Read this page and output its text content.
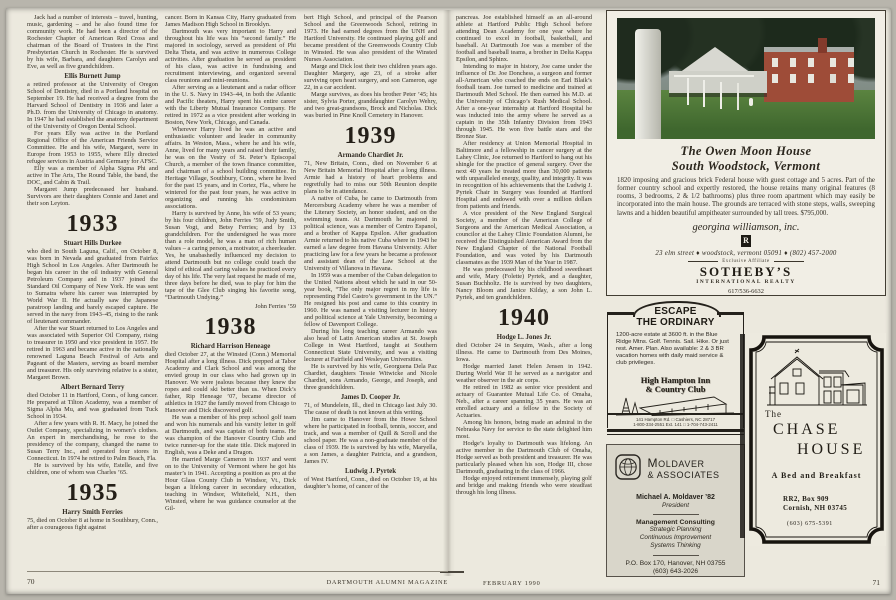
Jack had a number of interests – travel, hunting, music, gardening – and he also found time for community work. He had been a director of the Rochester Chapter of American Red Cross and chairman of the Board of Trustees in the First Presbyterian Church in Rochester. He is survived by his wife, Barbara, and daughters Carolyn and Eve, as well as five grandchildren.
Ellis Burnett Jump
a retired professor at the University of Oregon School of Dentistry, died in a Portland hospital on September 19. He had received a degree from the Harvard School of Dentistry in 1936 and later a Ph.D. from the University of Chicago in anatomy. In 1947 he had established the anatomy department of the University of Oregon Dental School.
For years Elly was active in the Portland Regional Office of the American Friends Service Committee. He and his wife, Margaret, were in Europe from 1953 to 1955, where Elly directed refugee services in Austria and Germany for AFSC.
Elly was a member of Alpha Sigma Phi and active in The Arts, The Round Table, the band, the DOC, and Cabin & Trail.
Margaret Jump predeceased her husband. Survivors are their daughters Connie and Janet and their son Leyton.
1933
Stuart Hills Durkee
who died in South Laguna, Calif., on October 8, was born in Nevada and graduated from Fairfax High School in Los Angeles. After Dartmouth he began his career in the oil industry with General Petroleum Company and in 1937 joined the Standard Oil Company of New York. He was sent to Sumatra where his career was interrupted by World War II. He actually saw the Japanese paratroop landing and barely escaped capture. He served in the navy from 1943–45, rising to the rank of lieutenant commander.
After the war Stuart returned to Los Angeles and was associated with Superior Oil Company, rising to treasurer in 1950 and vice president in 1957. He retired in 1963 and became active in the nationally renowned Laguna Beach Festival of Arts and Pageant of the Masters, serving as board member and treasurer. His only surviving relative is a sister, Margaret Brown.
Albert Bernard Terry
died October 11 in Hartford, Conn., of lung cancer. He prepared at Tilton Academy, was a member of Sigma Alpha Mu, and was graduated from Tuck School in 1934.
After a few years with R. H. Macy, he joined the Outlet Company, specializing in women’s clothes. An expert in merchandising, he rose to the presidency of the company, changed the name to Susan Terry Inc., and operated four stores in Connecticut. In 1974 he retired to Palm Beach, Fla.
He is survived by his wife, Estelle, and five children, one of whom was Charles ’65.
1935
Harry Smith Ferries
75, died on October 8 at home in Southbury, Conn., after a courageous fight against
cancer. Born in Kansas City, Harry graduated from James Madison High School in Brooklyn.
Dartmouth was very important to Harry and throughout his life was his “second family.” He majored in sociology, served as president of Phi Delta Theta, and was active in numerous College activities. After graduation he served as president of his class, was active in fundraising and recruitment interviewing, and organized several class reunions and mini-reunions.
After serving as a lieutenant and a radar officer in the U. S. Navy in 1943–44, in both the Atlantic and Pacific theaters, Harry spent his entire career with the Liberty Mutual Insurance Company. He retired in 1972 as a vice president after working in Boston, New York, Chicago, and Canada.
Wherever Harry lived he was an active and enthusiastic volunteer and leader in community affairs. In Weston, Mass., where he and his wife, Anne, lived for many years and raised their family, he was on the Vestry of St. Peter’s Episcopal Church, a member of the town finance committee, and chairman of a school building committee. In Heritage Village, Southbury, Conn., where he lived for the past 15 years, and in Cortez, Fla., where he wintered for the past four years, he was active in organizing and running his condominium associations.
Harry is survived by Anne, his wife of 53 years; by his four children, John Ferries ’59, Judy Smith, Susan Vogt, and Betsy Ferries; and by 13 grandchildren. For the undersigned he was more than a role model, he was a man of rich human values – a caring person, a motivator, a cheerleader. Yes, he unabashedly influenced my decision to attend Dartmouth but no college could teach the kind of ethical and caring values he practiced every day of his life. The very last request he made of me, three days before he died, was to play for him the tape of the Glee Club singing his favorite song, “Dartmouth Undying.”
John Ferries ’59
1938
Richard Harrison Heneage
died October 27, at the Winsted (Conn.) Memorial Hospital after a long illness. Dick prepped at Tabor Academy and Clark School and was among the envied group in our class who had grown up in Hanover. We were jealous because they knew the ropes and could ski better than us. When Dick’s father, Rip Heneage ’07, became director of athletics in 1927 the family moved from Chicago to Hanover and Dick discovered golf.
He was a member of his prep school golf team and won his numerals and his varsity letter in golf at Dartmouth, and was captain of both teams. He was champion of the Hanover Country Club and twice runner-up for the state title. Dick majored in English, was a Deke and a Dragon.
He married Marge Cameron in 1937 and went on to the University of Vermont where he got his master’s in 1941. Accepting a position as pro at the Hour Glass County Club in Windsor, Vt., Dick began a lifelong career in secondary education, teaching in Windsor, Whitefield, N.H., then Winsted, where he was guidance counselor at the Gil-
bert High School, and principal of the Pearson School and the Greenwoods School, retiring in 1973. He had earned degrees from the UNH and Hartford University. He continued playing golf and became president of the Greenwoods Country Club in Winsted. He was also president of the Winsted Nurses Association.
Marge and Dick lost their two children years ago. Daughter Margery, age 23, of a stroke after surviving open heart surgery, and son Cameron, age 22, in a car accident.
Marge survives, as does his brother Peter ’45; his sister, Sylvia Porter, granddaughter Carolyn Wehry, and two great-grandsons, Brock and Nicholas. Dick was buried in Pine Knoll Cemetery in Hanover.
1939
Armando Chardiet Jr.
71, New Britain, Conn., died on November 6 at New Britain Memorial Hospital after a long illness. Armie had a history of heart problems and regretfully had to miss our 50th Reunion despite plans to be in attendance.
A native of Cuba, he came to Dartmouth from Mercersburg Academy where he was a member of the Literary Society, an honor student, and on the swimming team. At Dartmouth he majored in political science, was a member of Centro Espanol, and a brother of Kappa Epsilon. After graduation Armie returned to his native Cuba where in 1943 he earned a law degree from Havana University. After practicing law for a few years he became a professor and assistant dean of the Law School at the University of Villanova in Havana.
In 1959 was a member of the Cuban delegation to the United Nations about which he said in our 50-year book, “The only major regret in my life is representing Fidel Castro’s government in the UN.” He resigned his post and came to this country in 1960. He was named a visiting lecturer in history and political science at Yale University, becoming a fellow of Davenport College.
During his long teaching career Armando was also head of Latin American studies at St. Joseph College in West Hartford, taught at Southern Connecticut State University, and was a visiting lecturer at Fairfield and Wesleyan Universities.
He is survived by his wife, Georguena Dela Paz Chardiet, daughters Tessie Witwicke and Nicole Chardiet, sons Armando, George, and Joseph, and three grandchildren.
James D. Cooper Jr.
71, of Mundelein, Ill., died in Chicago last July 30. The cause of death is not known at this writing.
Jim came to Hanover from the Howe School where he participated in football, tennis, soccer, and track, and was a member of Quill & Scroll and the school paper. He was a non-graduate member of the class of 1939. He is survived by his wife, Maryella, a son James, a daughter Patricia, and a grandson, James IV.
Ludwig J. Pyrtek
of West Hartford, Conn., died on October 19, at his daughter’s home, of cancer of the
pancreas. Joe established himself as an all-around athlete at Hartford Public High School before attending Dean Academy for one year where he continued to excel in football, basketball, and baseball. At Dartmouth Joe was a member of the football and baseball teams, a brother in Delta Kappa Epsilon, and Sphinx.
Intending to major in history, Joe came under the influence of Dr. Joe Donchess, a surgeon and former all-American who coached the ends on Earl Blaik’s football team. Joe turned to medicine and trained at Dartmouth Med School. He then earned his M.D. at the University of Chicago’s Rush Medical School. After a one-year internship at Hartford Hospital he was inducted into the army where he served as a captain in the 35th Infantry Division from 1943 through 1945. He won five battle stars and the Bronze Star.
After residency at Union Memorial Hospital in Baltimore and a fellowship in cancer surgery at the Lahey Clinic, Joe returned to Hartford to hang out his shingle for the practice of general surgery. Over the next 40 years he treated more than 30,000 patients with unparalleled energy, quality, and integrity. It was in recognition of his achievements that the Ludwig J. Pyrtek Chair in Surgery was founded at Hartford Hospital and endowed with over a million dollars from patients and friends.
A vice president of the New England Surgical Society, a member of the American College of Surgeons and the American Medical Association, a councilor at the Lahey Clinic Foundation Alumni, he received the Distinguished American Award from the New England Chapter of the National Football Foundation, and was voted by his Dartmouth classmates as the 1939 Man of the Year in 1987.
He was predeceased by his childhood sweetheart and wife, Mary (Folette) Pyrtek, and a daughter, Susan Buchholtz. He is survived by two daughters, Nancy Bloom and Janice Kilday, a son John L. Pyrtek, and ten grandchildren.
1940
Hodge L. Jones Jr.
died October 24 in Sequim, Wash., after a long illness. He came to Dartmouth from Des Moines, Iowa.
Hodge married Janet Helen Jensen in 1942. During World War II he served as a navigator and weather observer in the air corps.
He retired in 1982 as senior vice president and actuary of Guarantee Mutual Life Co. of Omaha, Neb., after a career spanning 35 years. He was an enrolled actuary and a fellow in the Society of Actuaries.
Among his honors, being made an admiral in the Nebraska Navy for service to the state delighted him most.
Hodge’s loyalty to Dartmouth was lifelong. An active member in the Dartmouth Club of Omaha, Hodge served as both president and treasurer. He was particularly pleased when his son, Hodge III, chose Dartmouth, graduating in the class of 1966.
Hodge enjoyed retirement immensely, playing golf and bridge and making friends who were steadfast through his long illness.
70	DARTMOUTH ALUMNI MAGAZINE	FEBRUARY 1990	71
The Owen Moon House
South Woodstock, Vermont
1820 imposing and gracious brick Federal house with guest cottage and 5 acres. Part of the former country school and expertly restored, the house retains many original features (8 rooms, 3 bedrooms, 2 & 1/2 bathrooms) plus three room apartment which may easily be incorporated into the main house. The grounds are terraced with stone steps, walls, sweeping lawns and a hidden beautiful ampitheater surrounded by tall trees. $795,000.
georgina williamson, inc.
R
23 elm street ♦ woodstock, vermont 05091 ♦ (802) 457-2000
Exclusive Affiliate
SOTHEBY’S
INTERNATIONAL REALTY
617/536-6632
ESCAPE
THE ORDINARY
1200-acre estate at 3600 ft. in the Blue Ridge Mtns. Golf. Tennis. Sail. Hike. Or just rest. Amer. Plan. Also available: 2 & 3 BR vacation homes with daily maid service & club privileges.
High Hampton Inn
& Country Club
141 Hampton Rd. □ Cashiers, NC 28717
1-800-334-2551 Ext. 141 □ 1-704-743-2411
MOLDAVER
& ASSOCIATES
Michael A. Moldaver ’82
President
Management Consulting
Strategic Planning
Continuous Improvement
Systems Thinking
P.O. Box 170, Hanover, NH 03755
(603) 643-2026
The
CHASE
HOUSE
A Bed and Breakfast
RR2, Box 909
Cornish, NH 03745
(603) 675-5391
